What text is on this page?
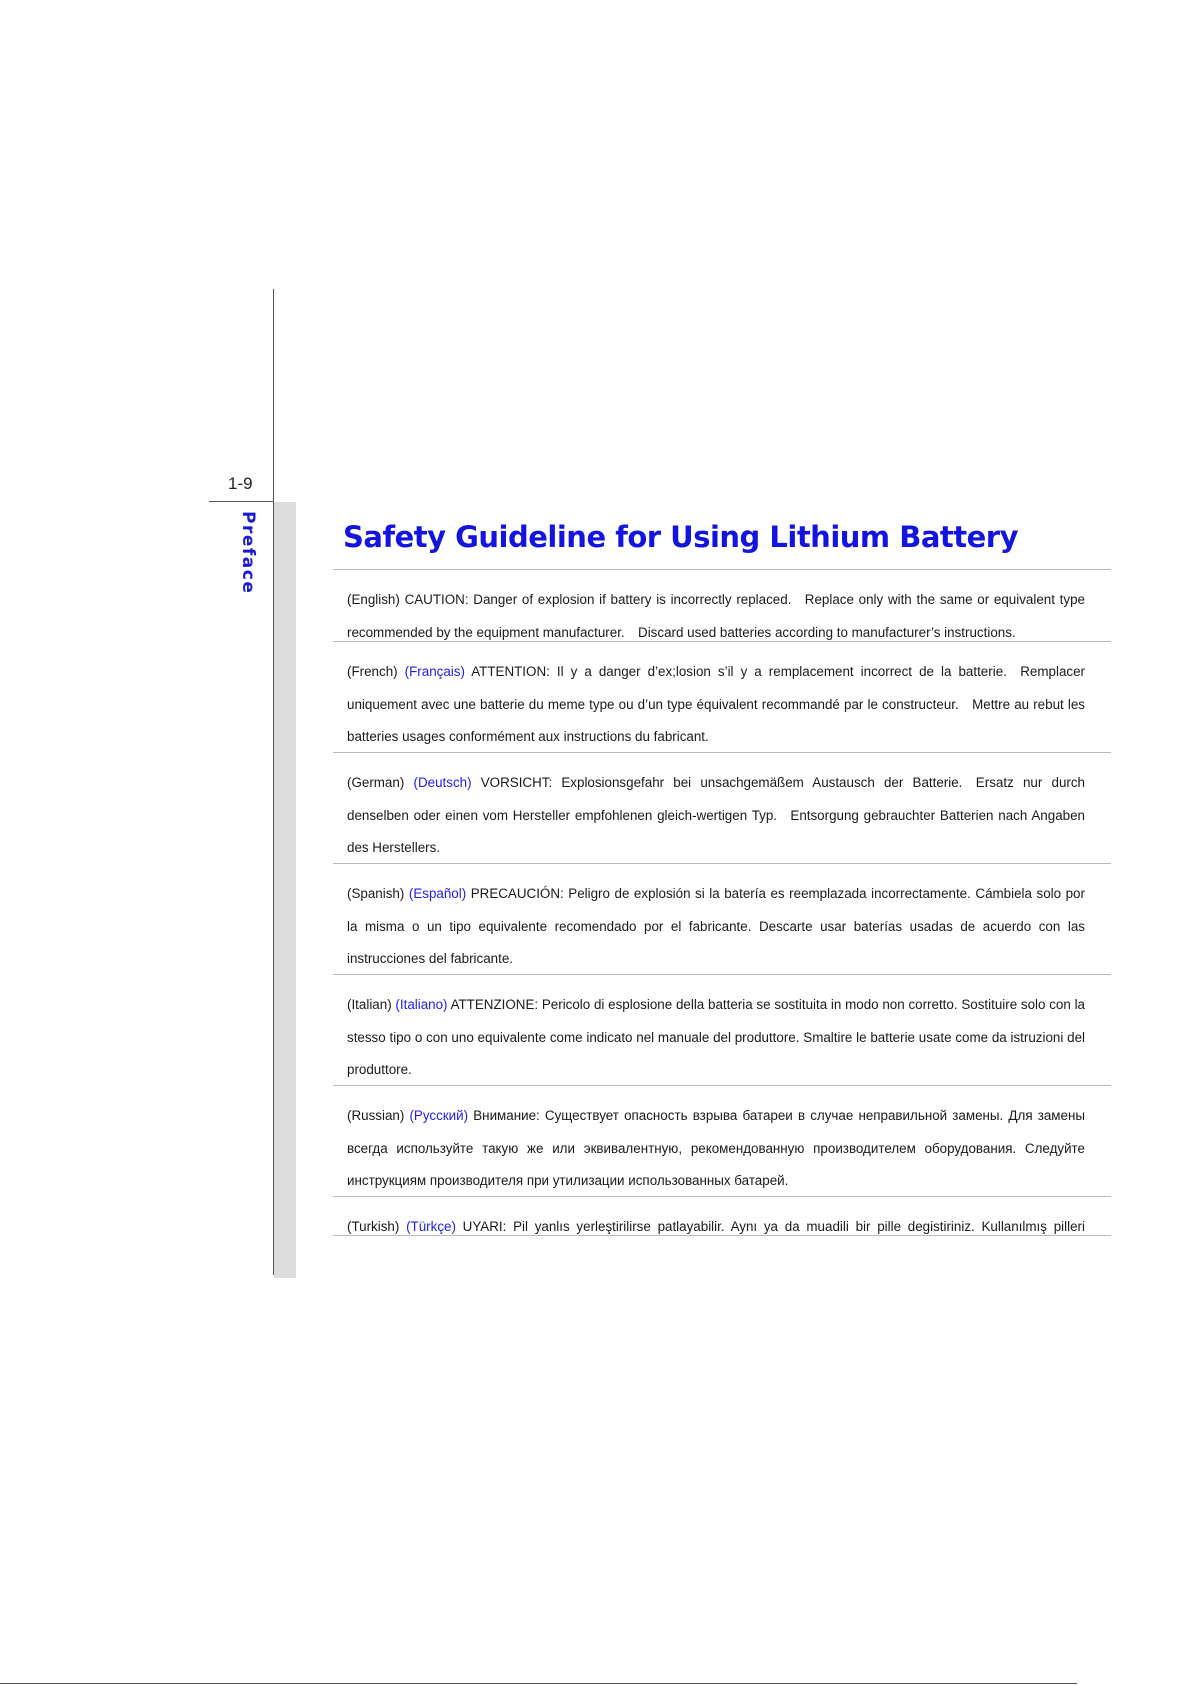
1-9
Preface	Safety Guideline for Using Lithium Battery
(English) CAUTION: Danger of explosion if battery is incorrectly replaced. Replace only with the same or equivalent type recommended by the equipment manufacturer. Discard used batteries according to manufacturer’s instructions.
(French) (Français) ATTENTION: Il y a danger d’ex;losion s’il y a remplacement incorrect de la batterie. Remplacer uniquement avec une batterie du meme type ou d’un type équivalent recommandé par le constructeur. Mettre au rebut les batteries usages conformément aux instructions du fabricant.
(German) (Deutsch) VORSICHT: Explosionsgefahr bei unsachgemäßem Austausch der Batterie. Ersatz nur durch denselben oder einen vom Hersteller empfohlenen gleich-wertigen Typ. Entsorgung gebrauchter Batterien nach Angaben des Herstellers.
(Spanish) (Español) PRECAUCIÓN: Peligro de explosión si la batería es reemplazada incorrectamente. Cámbiela solo por la misma o un tipo equivalente recomendado por el fabricante. Descarte usar baterías usadas de acuerdo con las instrucciones del fabricante.
(Italian) (Italiano) ATTENZIONE: Pericolo di esplosione della batteria se sostituita in modo non corretto. Sostituire solo con la stesso tipo o con uno equivalente come indicato nel manuale del produttore. Smaltire le batterie usate come da istruzioni del produttore.
(Russian) (Русский) Внимание: Существует опасность взрыва батареи в случае неправильной замены. Для замены всегда используйте такую же или эквивалентную, рекомендованную производителем оборудования. Следуйте инструкциям производителя при утилизации использованных батарей.
(Turkish) (Türkçe) UYARI: Pil yanlıs yerleştirilirse patlayabilir. Aynı ya da muadili bir pille degistiriniz. Kullanılmış pilleri
